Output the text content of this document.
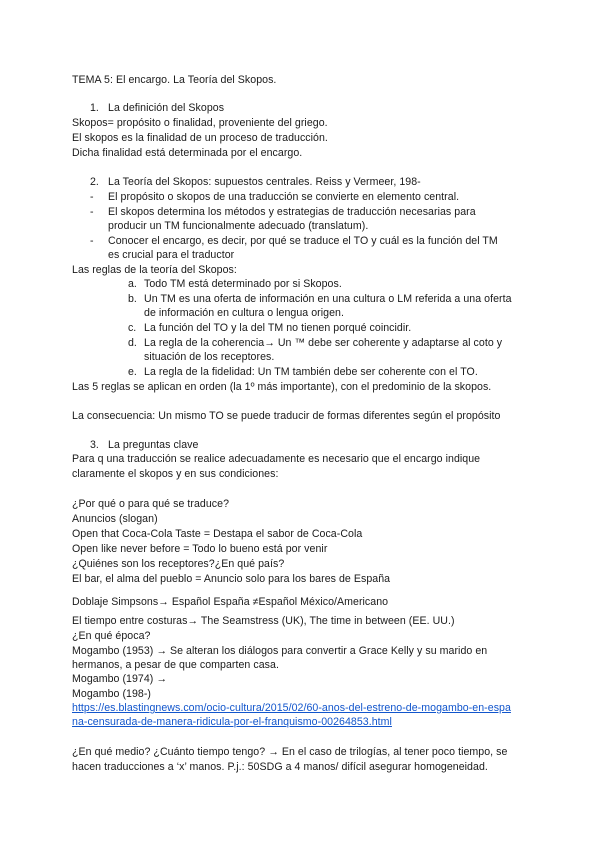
TEMA 5: El encargo. La Teoría del Skopos.
1. La definición del Skopos
Skopos= propósito o finalidad, proveniente del griego.
El skopos es la finalidad de un proceso de traducción.
Dicha finalidad está determinada por el encargo.
2. La Teoría del Skopos: supuestos centrales. Reiss y Vermeer, 198-
- El propósito o skopos de una traducción se convierte en elemento central.
- El skopos determina los métodos y estrategias de traducción necesarias para
producir un TM funcionalmente adecuado (translatum).
- Conocer el encargo, es decir, por qué se traduce el TO y cuál es la función del TM
es crucial para el traductor
Las reglas de la teoría del Skopos:
a. Todo TM está determinado por si Skopos.
b. Un TM es una oferta de información en una cultura o LM referida a una oferta
de información en cultura o lengua origen.
c. La función del TO y la del TM no tienen porqué coincidir.
d. La regla de la coherencia→ Un ™ debe ser coherente y adaptarse al coto y
situación de los receptores.
e. La regla de la fidelidad: Un TM también debe ser coherente con el TO.
Las 5 reglas se aplican en orden (la 1º más importante), con el predominio de la skopos.
La consecuencia: Un mismo TO se puede traducir de formas diferentes según el propósito
3. La preguntas clave
Para q una traducción se realice adecuadamente es necesario que el encargo indique
claramente el skopos y en sus condiciones:
¿Por qué o para qué se traduce?
Anuncios (slogan)
Open that Coca-Cola Taste = Destapa el sabor de Coca-Cola
Open like never before = Todo lo bueno está por venir
¿Quiénes son los receptores?¿En qué país?
El bar, el alma del pueblo = Anuncio solo para los bares de España
Doblaje Simpsons→ Español España ≠Español México/Americano
El tiempo entre costuras→ The Seamstress (UK), The time in between (EE. UU.)
¿En qué época?
Mogambo (1953) → Se alteran los diálogos para convertir a Grace Kelly y su marido en
hermanos, a pesar de que comparten casa.
Mogambo (1974) →
Mogambo (198-)
https://es.blastingnews.com/ocio-cultura/2015/02/60-anos-del-estreno-de-mogambo-en-espa
na-censurada-de-manera-ridicula-por-el-franquismo-00264853.html
¿En qué medio? ¿Cuánto tiempo tengo? → En el caso de trilogías, al tener poco tiempo, se
hacen traducciones a ‘x’ manos. P.j.: 50SDG a 4 manos/ difícil asegurar homogeneidad.
